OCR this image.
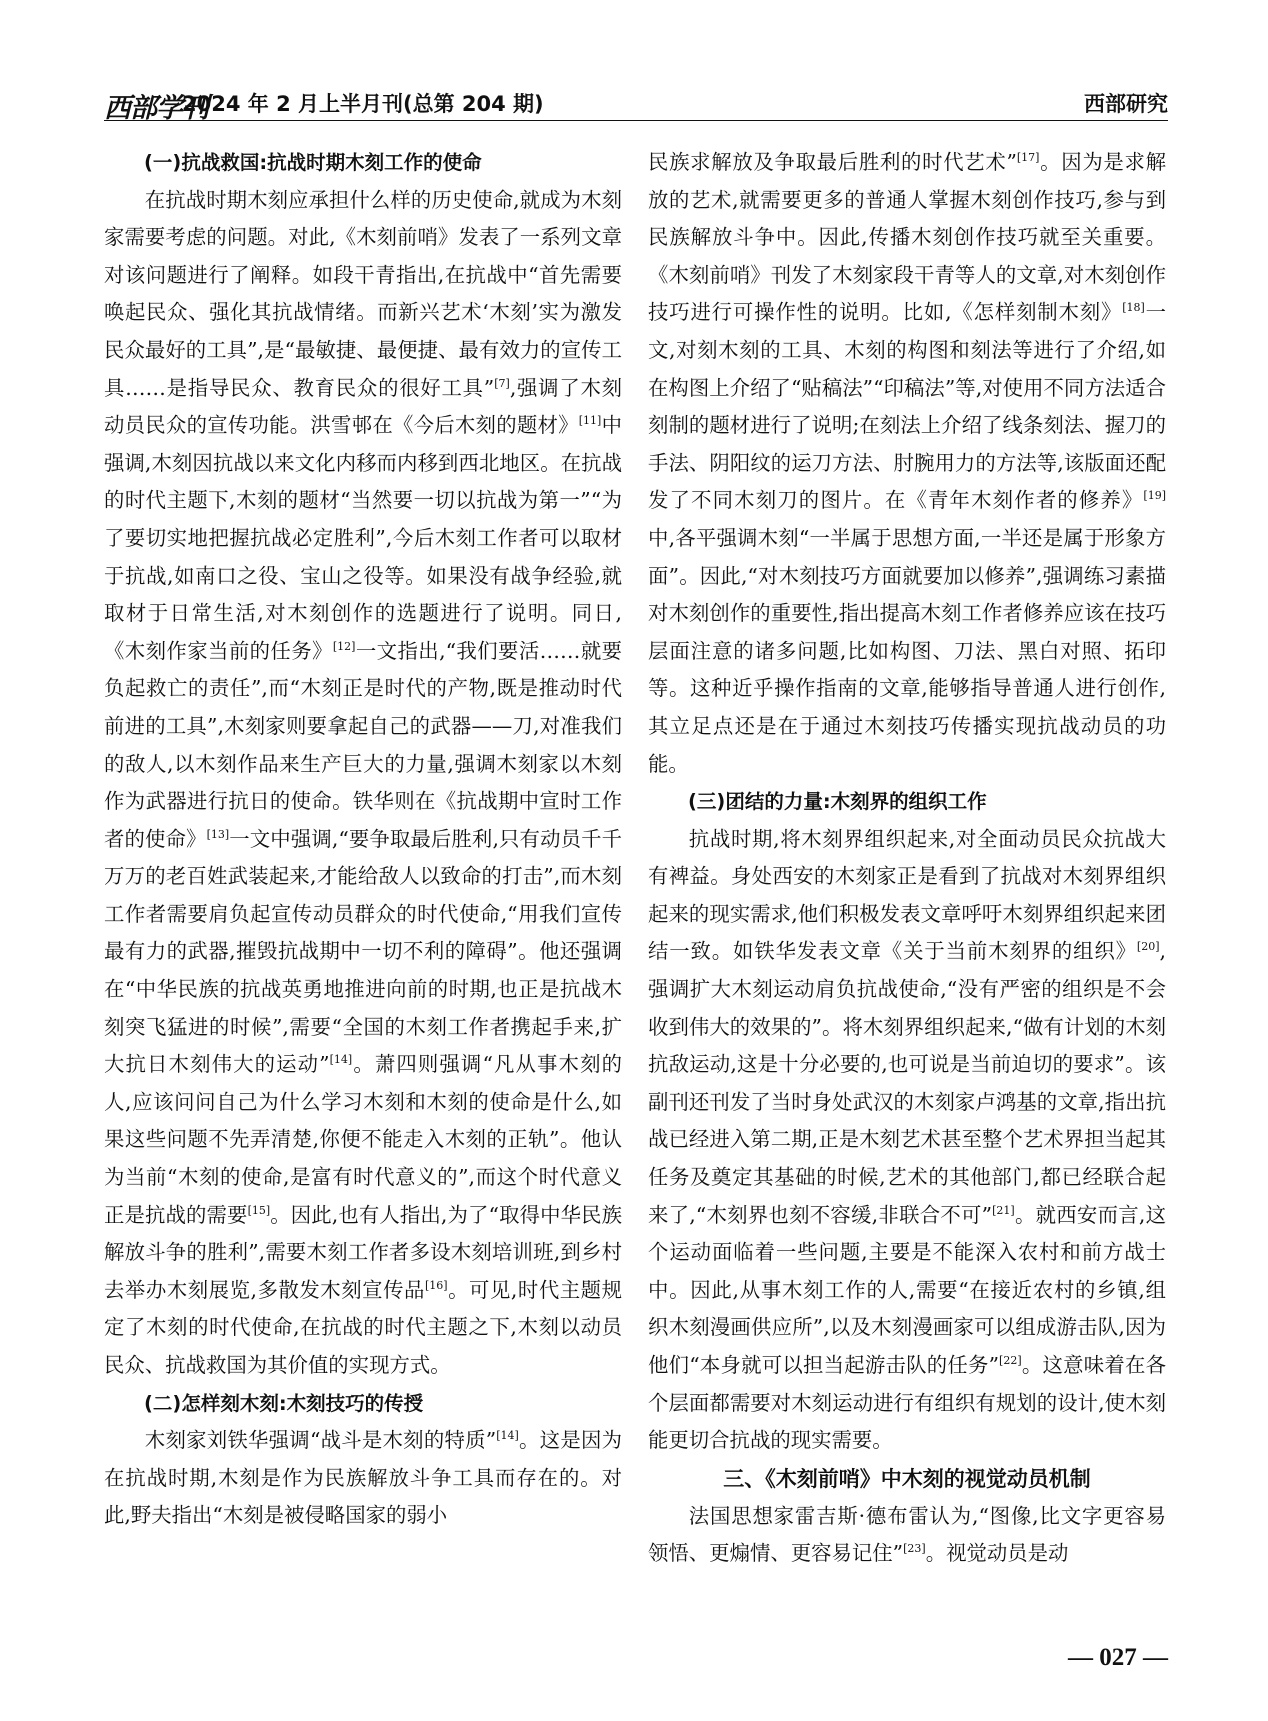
西部学刊
2024 年 2 月上半月刊(总第 204 期)	西部研究
(一)抗战救国:抗战时期木刻工作的使命

在抗战时期木刻应承担什么样的历史使命,就成为木刻家需要考虑的问题。对此,《木刻前哨》发表了一系列文章对该问题进行了阐释。如段干青指出,在抗战中“首先需要唤起民众、强化其抗战情绪。而新兴艺术‘木刻’实为激发民众最好的工具”,是“最敏捷、最便捷、最有效力的宣传工具……是指导民众、教育民众的很好工具”[7],强调了木刻动员民众的宣传功能。洪雪邨在《今后木刻的题材》[11]中强调,木刻因抗战以来文化内移而内移到西北地区。在抗战的时代主题下,木刻的题材“当然要一切以抗战为第一”“为了要切实地把握抗战必定胜利”,今后木刻工作者可以取材于抗战,如南口之役、宝山之役等。如果没有战争经验,就取材于日常生活,对木刻创作的选题进行了说明。同日,《木刻作家当前的任务》[12]一文指出,“我们要活……就要负起救亡的责任”,而“木刻正是时代的产物,既是推动时代前进的工具”,木刻家则要拿起自己的武器——刀,对准我们的敌人,以木刻作品来生产巨大的力量,强调木刻家以木刻作为武器进行抗日的使命。铁华则在《抗战期中宣时工作者的使命》[13]一文中强调,“要争取最后胜利,只有动员千千万万的老百姓武装起来,才能给敌人以致命的打击”,而木刻工作者需要肩负起宣传动员群众的时代使命,“用我们宣传最有力的武器,摧毁抗战期中一切不利的障碍”。他还强调在“中华民族的抗战英勇地推进向前的时期,也正是抗战木刻突飞猛进的时候”,需要“全国的木刻工作者携起手来,扩大抗日木刻伟大的运动”[14]。萧四则强调“凡从事木刻的人,应该问问自己为什么学习木刻和木刻的使命是什么,如果这些问题不先弄清楚,你便不能走入木刻的正轨”。他认为当前“木刻的使命,是富有时代意义的”,而这个时代意义正是抗战的需要[15]。因此,也有人指出,为了“取得中华民族解放斗争的胜利”,需要木刻工作者多设木刻培训班,到乡村去举办木刻展览,多散发木刻宣传品[16]。可见,时代主题规定了木刻的时代使命,在抗战的时代主题之下,木刻以动员民众、抗战救国为其价值的实现方式。

(二)怎样刻木刻:木刻技巧的传授

木刻家刘铁华强调“战斗是木刻的特质”[14]。这是因为在抗战时期,木刻是作为民族解放斗争工具而存在的。对此,野夫指出“木刻是被侵略国家的弱小

民族求解放及争取最后胜利的时代艺术”[17]。因为是求解放的艺术,就需要更多的普通人掌握木刻创作技巧,参与到民族解放斗争中。因此,传播木刻创作技巧就至关重要。《木刻前哨》刊发了木刻家段干青等人的文章,对木刻创作技巧进行可操作性的说明。比如,《怎样刻制木刻》[18]一文,对刻木刻的工具、木刻的构图和刻法等进行了介绍,如在构图上介绍了“贴稿法”“印稿法”等,对使用不同方法适合刻制的题材进行了说明;在刻法上介绍了线条刻法、握刀的手法、阴阳纹的运刀方法、肘腕用力的方法等,该版面还配发了不同木刻刀的图片。在《青年木刻作者的修养》[19]中,各平强调木刻“一半属于思想方面,一半还是属于形象方面”。因此,“对木刻技巧方面就要加以修养”,强调练习素描对木刻创作的重要性,指出提高木刻工作者修养应该在技巧层面注意的诸多问题,比如构图、刀法、黑白对照、拓印等。这种近乎操作指南的文章,能够指导普通人进行创作,其立足点还是在于通过木刻技巧传播实现抗战动员的功能。

(三)团结的力量:木刻界的组织工作

抗战时期,将木刻界组织起来,对全面动员民众抗战大有裨益。身处西安的木刻家正是看到了抗战对木刻界组织起来的现实需求,他们积极发表文章呼吁木刻界组织起来团结一致。如铁华发表文章《关于当前木刻界的组织》[20],强调扩大木刻运动肩负抗战使命,“没有严密的组织是不会收到伟大的效果的”。将木刻界组织起来,“做有计划的木刻抗敌运动,这是十分必要的,也可说是当前迫切的要求”。该副刊还刊发了当时身处武汉的木刻家卢鸿基的文章,指出抗战已经进入第二期,正是木刻艺术甚至整个艺术界担当起其任务及奠定其基础的时候,艺术的其他部门,都已经联合起来了,“木刻界也刻不容缓,非联合不可”[21]。就西安而言,这个运动面临着一些问题,主要是不能深入农村和前方战士中。因此,从事木刻工作的人,需要“在接近农村的乡镇,组织木刻漫画供应所”,以及木刻漫画家可以组成游击队,因为他们“本身就可以担当起游击队的任务”[22]。这意味着在各个层面都需要对木刻运动进行有组织有规划的设计,使木刻能更切合抗战的现实需要。

三、《木刻前哨》中木刻的视觉动员机制

法国思想家雷吉斯·德布雷认为,“图像,比文字更容易领悟、更煽情、更容易记住”[23]。视觉动员是动

— 027 —
